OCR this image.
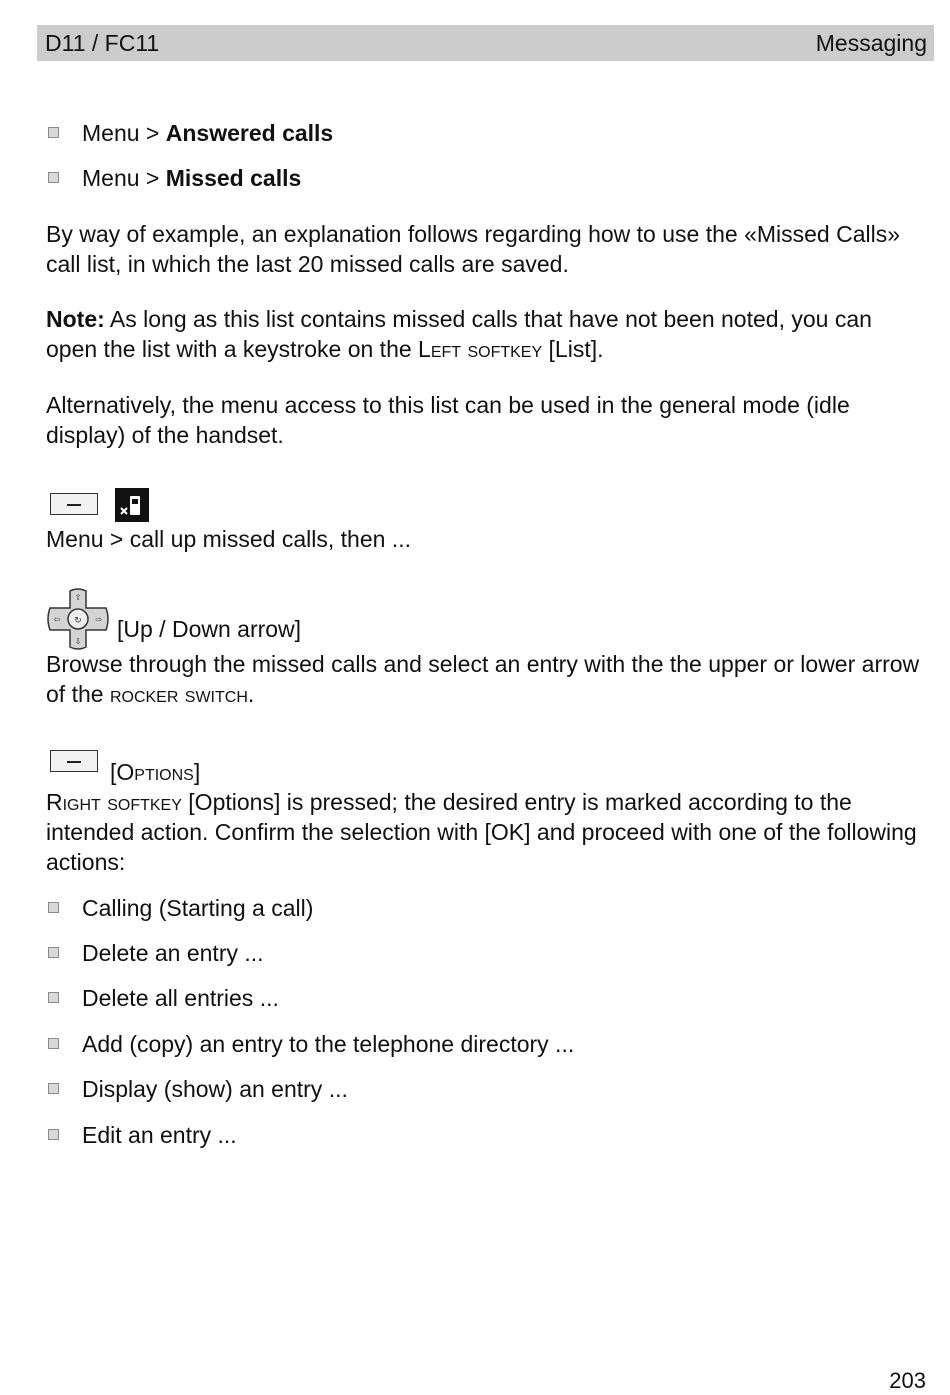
D11 / FC11	Messaging
Menu > Answered calls
Menu > Missed calls
By way of example, an explanation follows regarding how to use the «Missed Calls» call list, in which the last 20 missed calls are saved.
Note: As long as this list contains missed calls that have not been noted, you can open the list with a keystroke on the Left softkey [List].
Alternatively, the menu access to this list can be used in the general mode (idle display) of the handset.
Menu > call up missed calls, then ...
⇧
⇩
⇦	⇨
↻ [Up / Down arrow]
Browse through the missed calls and select an entry with the the upper or lower arrow of the rocker switch.
[Options]
Right softkey [Options] is pressed; the desired entry is marked according to the intended action. Confirm the selection with [OK] and proceed with one of the following actions:
Calling (Starting a call)
Delete an entry ...
Delete all entries ...
Add (copy) an entry to the telephone directory ...
Display (show) an entry ...
Edit an entry ...
203
